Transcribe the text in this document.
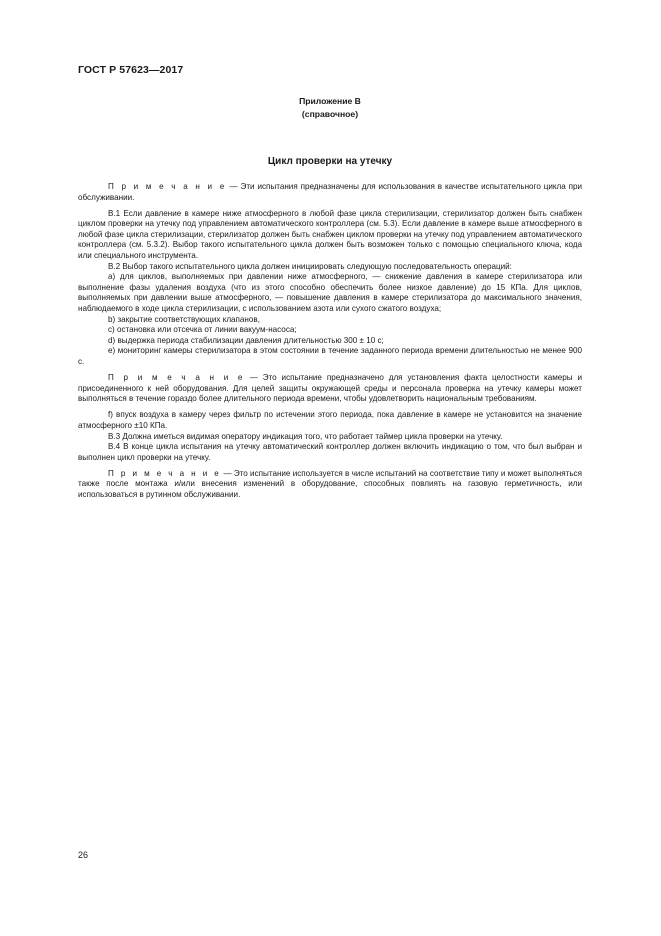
ГОСТ Р 57623—2017
Приложение В
(справочное)
Цикл проверки на утечку

П р и м е ч а н и е — Эти испытания предназначены для использования в качестве испытательного цикла при обслуживании.

В.1 Если давление в камере ниже атмосферного в любой фазе цикла стерилизации, стерилизатор должен быть снабжен циклом проверки на утечку под управлением автоматического контроллера (см. 5.3). Если давление в камере выше атмосферного в любой фазе цикла стерилизации, стерилизатор должен быть снабжен циклом проверки на утечку под управлением автоматического контроллера (см. 5.3.2). Выбор такого испытательного цикла должен быть возможен только с помощью специального ключа, кода или специального инструмента.

В.2 Выбор такого испытательного цикла должен инициировать следующую последовательность операций:

а) для циклов, выполняемых при давлении ниже атмосферного, — снижение давления в камере стерилизатора или выполнение фазы удаления воздуха (что из этого способно обеспечить более низкое давление) до 15 КПа. Для циклов, выполняемых при давлении выше атмосферного, — повышение давления в камере стерилизатора до максимального значения, наблюдаемого в ходе цикла стерилизации, с использованием азота или сухого сжатого воздуха;

b) закрытие соответствующих клапанов,

с) остановка или отсечка от линии вакуум-насоса;

d) выдержка периода стабилизации давления длительностью 300 ± 10 с;

е) мониторинг камеры стерилизатора в этом состоянии в течение заданного периода времени длительностью не менее 900 с.

П р и м е ч а н и е — Это испытание предназначено для установления факта целостности камеры и присоединенного к ней оборудования. Для целей защиты окружающей среды и персонала проверка на утечку камеры может выполняться в течение гораздо более длительного периода времени, чтобы удовлетворить национальным требованиям.

f) впуск воздуха в камеру через фильтр по истечении этого периода, пока давление в камере не установится на значение атмосферного ±10 КПа.

В.3 Должна иметься видимая оператору индикация того, что работает таймер цикла проверки на утечку.

В.4 В конце цикла испытания на утечку автоматический контроллер должен включить индикацию о том, что был выбран и выполнен цикл проверки на утечку.

П р и м е ч а н и е — Это испытание используется в числе испытаний на соответствие типу и может выполняться также после монтажа и/или внесения изменений в оборудование, способных повлиять на газовую герметичность, или использоваться в рутинном обслуживании.

26
